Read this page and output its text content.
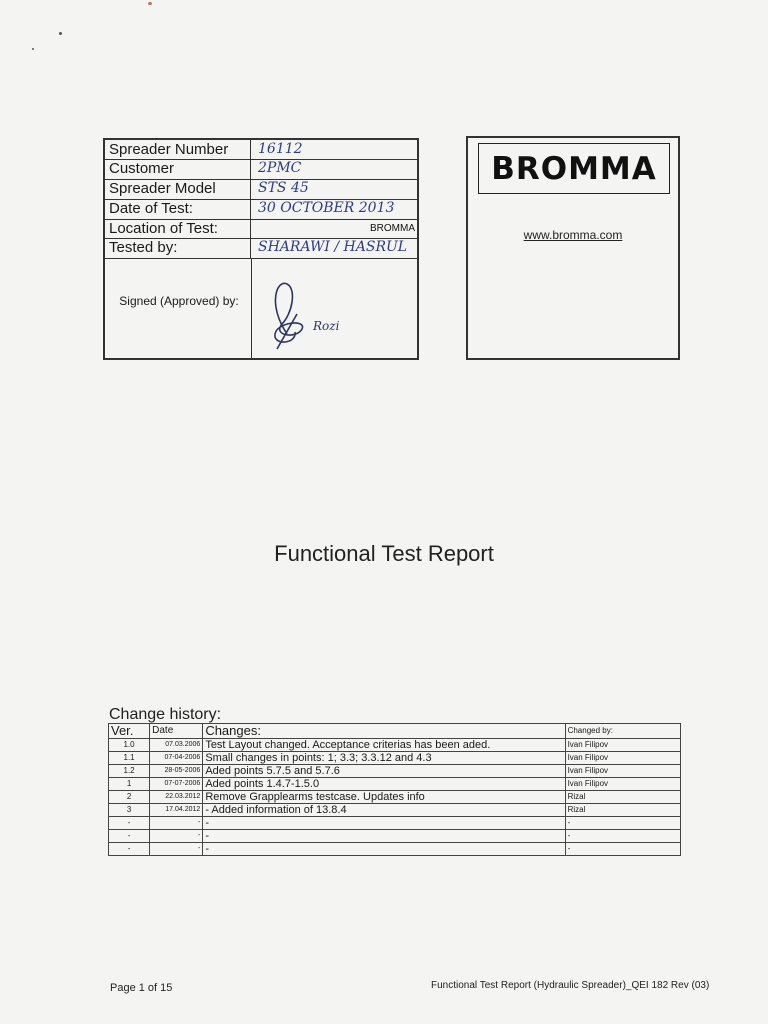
Spreader Number	16112
Customer	2PMC
Spreader Model	STS 45
Date of Test:	30 OCTOBER 2013
Location of Test:	BROMMA
Tested by:	SHARAWI / HASRUL
Signed (Approved) by:
Rozi
BROMMA
www.bromma.com
Functional Test Report
Change history:
Ver.	Date	Changes:	Changed by:
1.0	07.03.2006	Test Layout changed. Acceptance criterias has been aded.	Ivan Filipov
1.1	07-04-2006	Small changes in points: 1; 3.3; 3.3.12 and 4.3	Ivan Filipov
1.2	28-05-2006	Aded points 5.7.5 and 5.7.6	Ivan Filipov
1	07-07-2006	Aded points 1.4.7-1.5.0	Ivan Filipov
2	22.03.2012	Remove Grapplearms testcase. Updates info	Rizal
3	17.04.2012	- Added information of 13.8.4	Rizal
-	-	-	-
-	-	-	-
-	-	-	-
Page 1 of 15	Functional Test Report (Hydraulic Spreader)_QEI 182 Rev (03)
